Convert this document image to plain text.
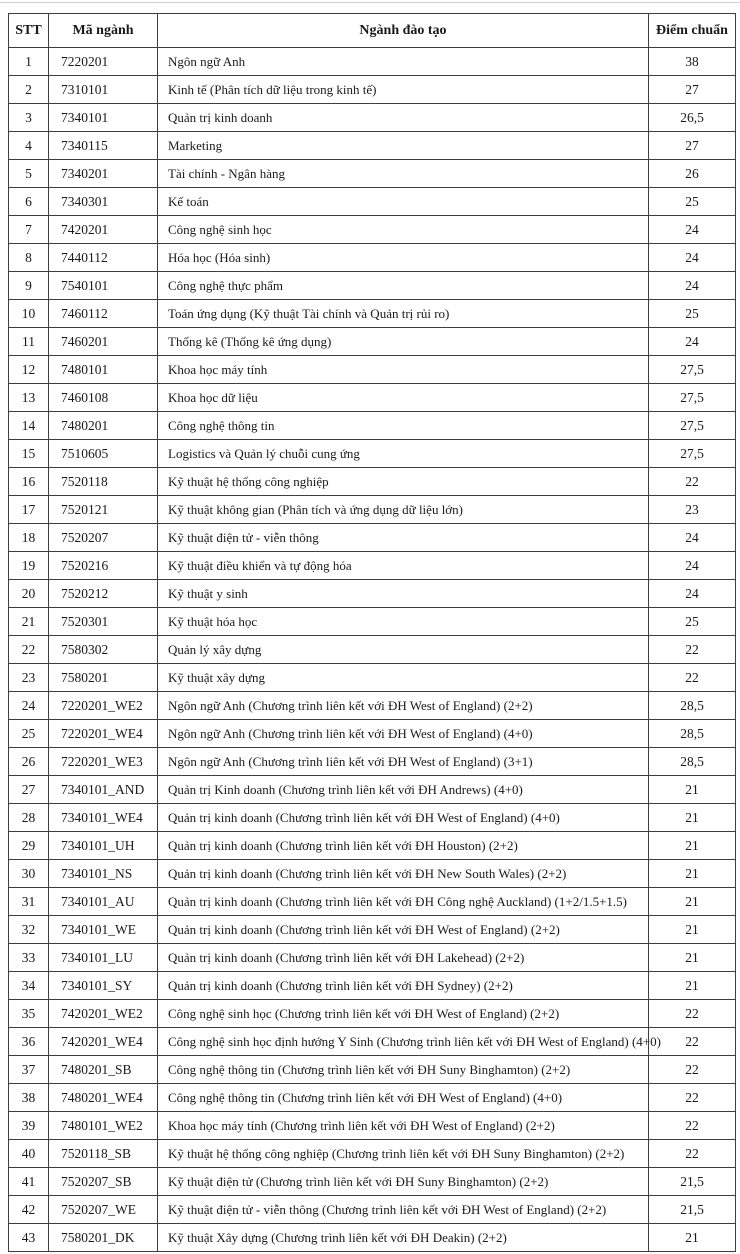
STT	Mã ngành	Ngành đào tạo	Điểm chuẩn
1	7220201	Ngôn ngữ Anh	38
2	7310101	Kinh tế (Phân tích dữ liệu trong kinh tế)	27
3	7340101	Quản trị kinh doanh	26,5
4	7340115	Marketing	27
5	7340201	Tài chính - Ngân hàng	26
6	7340301	Kế toán	25
7	7420201	Công nghệ sinh học	24
8	7440112	Hóa học (Hóa sinh)	24
9	7540101	Công nghệ thực phẩm	24
10	7460112	Toán ứng dụng (Kỹ thuật Tài chính và Quản trị rủi ro)	25
11	7460201	Thống kê (Thống kê ứng dụng)	24
12	7480101	Khoa học máy tính	27,5
13	7460108	Khoa học dữ liệu	27,5
14	7480201	Công nghệ thông tin	27,5
15	7510605	Logistics và Quản lý chuỗi cung ứng	27,5
16	7520118	Kỹ thuật hệ thống công nghiệp	22
17	7520121	Kỹ thuật không gian (Phân tích và ứng dụng dữ liệu lớn)	23
18	7520207	Kỹ thuật điện tử - viễn thông	24
19	7520216	Kỹ thuật điều khiển và tự động hóa	24
20	7520212	Kỹ thuật y sinh	24
21	7520301	Kỹ thuật hóa học	25
22	7580302	Quản lý xây dựng	22
23	7580201	Kỹ thuật xây dựng	22
24	7220201_WE2	Ngôn ngữ Anh (Chương trình liên kết với ĐH West of England) (2+2)	28,5
25	7220201_WE4	Ngôn ngữ Anh (Chương trình liên kết với ĐH West of England) (4+0)	28,5
26	7220201_WE3	Ngôn ngữ Anh (Chương trình liên kết với ĐH West of England) (3+1)	28,5
27	7340101_AND	Quản trị Kinh doanh (Chương trình liên kết với ĐH Andrews) (4+0)	21
28	7340101_WE4	Quản trị kinh doanh (Chương trình liên kết với ĐH West of England) (4+0)	21
29	7340101_UH	Quản trị kinh doanh (Chương trình liên kết với ĐH Houston) (2+2)	21
30	7340101_NS	Quản trị kinh doanh (Chương trình liên kết với ĐH New South Wales) (2+2)	21
31	7340101_AU	Quản trị kinh doanh (Chương trình liên kết với ĐH Công nghệ Auckland) (1+2/1.5+1.5)	21
32	7340101_WE	Quản trị kinh doanh (Chương trình liên kết với ĐH West of England) (2+2)	21
33	7340101_LU	Quản trị kinh doanh (Chương trình liên kết với ĐH Lakehead) (2+2)	21
34	7340101_SY	Quản trị kinh doanh (Chương trình liên kết với ĐH Sydney) (2+2)	21
35	7420201_WE2	Công nghệ sinh học (Chương trình liên kết với ĐH West of England) (2+2)	22
36	7420201_WE4	Công nghệ sinh học định hướng Y Sinh (Chương trình liên kết với ĐH West of England) (4+0)	22
37	7480201_SB	Công nghệ thông tin (Chương trình liên kết với ĐH Suny Binghamton) (2+2)	22
38	7480201_WE4	Công nghệ thông tin (Chương trình liên kết với ĐH West of England) (4+0)	22
39	7480101_WE2	Khoa học máy tính (Chương trình liên kết với ĐH West of England) (2+2)	22
40	7520118_SB	Kỹ thuật hệ thống công nghiệp (Chương trình liên kết với ĐH Suny Binghamton) (2+2)	22
41	7520207_SB	Kỹ thuật điện tử (Chương trình liên kết với ĐH Suny Binghamton) (2+2)	21,5
42	7520207_WE	Kỹ thuật điện tử - viễn thông (Chương trình liên kết với ĐH West of England) (2+2)	21,5
43	7580201_DK	Kỹ thuật Xây dựng (Chương trình liên kết với ĐH Deakin) (2+2)	21
